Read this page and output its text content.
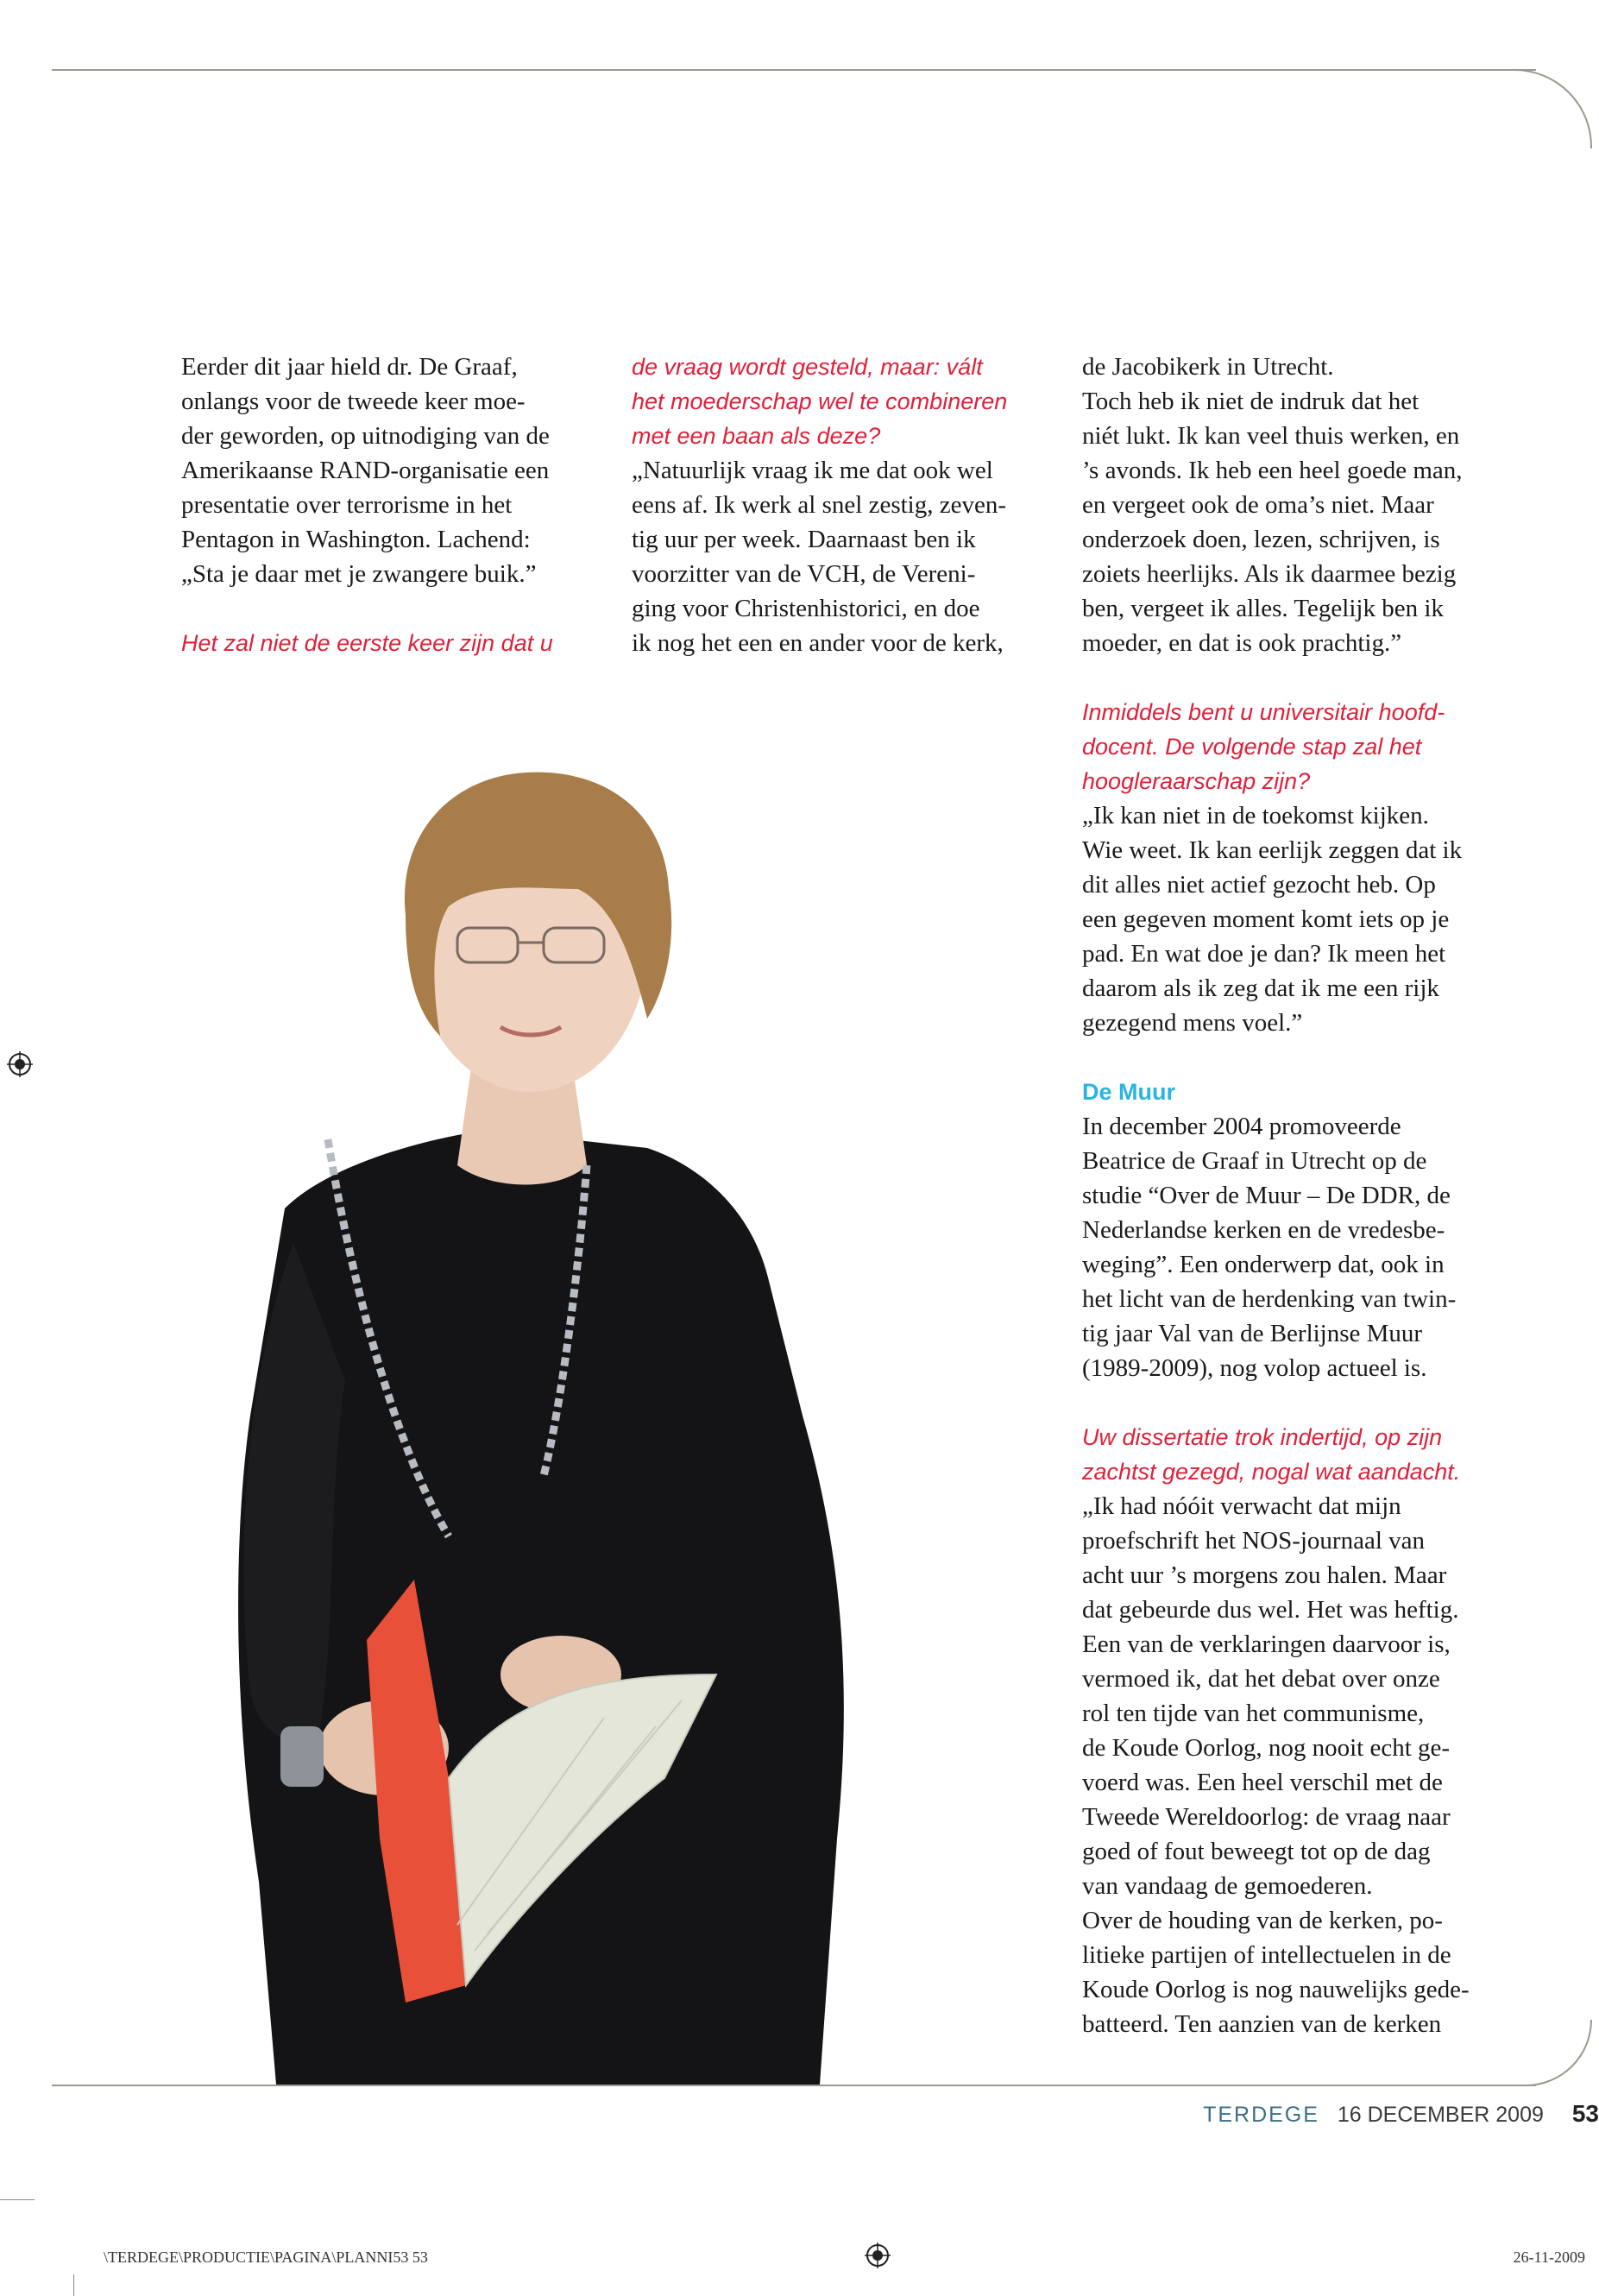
Eerder dit jaar hield dr. De Graaf,
onlangs voor de tweede keer moe-
der geworden, op uitnodiging van de
Amerikaanse RAND-organisatie een
presentatie over terrorisme in het
Pentagon in Washington. Lachend:
„Sta je daar met je zwangere buik.”

Het zal niet de eerste keer zijn dat u

de vraag wordt gesteld, maar: vált
het moederschap wel te combineren
met een baan als deze?

„Natuurlijk vraag ik me dat ook wel
eens af. Ik werk al snel zestig, zeven-
tig uur per week. Daarnaast ben ik
voorzitter van de VCH, de Vereni-
ging voor Christenhistorici, en doe
ik nog het een en ander voor de kerk,

de Jacobikerk in Utrecht.
Toch heb ik niet de indruk dat het
niét lukt. Ik kan veel thuis werken, en
’s avonds. Ik heb een heel goede man,
en vergeet ook de oma’s niet. Maar
onderzoek doen, lezen, schrijven, is
zoiets heerlijks. Als ik daarmee bezig
ben, vergeet ik alles. Tegelijk ben ik
moeder, en dat is ook prachtig.”

Inmiddels bent u universitair hoofd-
docent. De volgende stap zal het
hoogleraarschap zijn?

„Ik kan niet in de toekomst kijken.
Wie weet. Ik kan eerlijk zeggen dat ik
dit alles niet actief gezocht heb. Op
een gegeven moment komt iets op je
pad. En wat doe je dan? Ik meen het
daarom als ik zeg dat ik me een rijk
gezegend mens voel.”

De Muur

In december 2004 promoveerde
Beatrice de Graaf in Utrecht op de
studie “Over de Muur – De DDR, de
Nederlandse kerken en de vredesbe-
weging”. Een onderwerp dat, ook in
het licht van de herdenking van twin-
tig jaar Val van de Berlijnse Muur
(1989-2009), nog volop actueel is.

Uw dissertatie trok indertijd, op zijn
zachtst gezegd, nogal wat aandacht.

„Ik had nóóit verwacht dat mijn
proefschrift het NOS-journaal van
acht uur ’s morgens zou halen. Maar
dat gebeurde dus wel. Het was heftig.
Een van de verklaringen daarvoor is,
vermoed ik, dat het debat over onze
rol ten tijde van het communisme,
de Koude Oorlog, nog nooit echt ge-
voerd was. Een heel verschil met de
Tweede Wereldoorlog: de vraag naar
goed of fout beweegt tot op de dag
van vandaag de gemoederen.
Over de houding van de kerken, po-
litieke partijen of intellectuelen in de
Koude Oorlog is nog nauwelijks gede-
batteerd. Ten aanzien van de kerken

TERDEGE 16 DECEMBER 2009 53
\TERDEGE\PRODUCTIE\PAGINA\PLANNI53 53	26-11-2009
